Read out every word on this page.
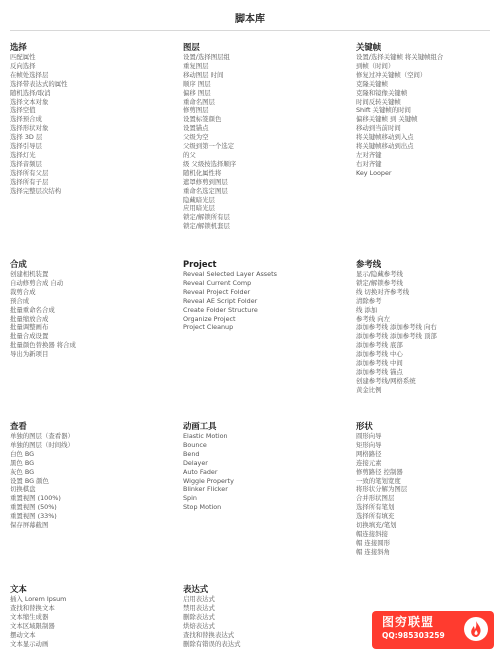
脚本库
选择
匹配属性
反向选择
在帧处选择层
选择带表达式的属性
随机选择/取消
选择文本对象
选择空值
选择预合成
选择形状对象
选择 3D 层
选择引导层
选择灯光
选择音频层
选择所有父层
选择所有子层
选择完整层次结构
图层
设置/选择图层组
重复图层
移动图层 时间
顺序 图层
偏移 图层
重命名图层
修剪图层
设置标签颜色
设置锚点
父级为空
父级到第一个选定
的父
级 父级按选择顺序
随机化属性将
遮罩修剪到图层
重命名选定图层
隐藏暗光层
应用暗光层
锁定/解锁所有层
锁定/解锁机套层
关键帧
设置/选择关键帧 将关键帧组合
到帧（时间）
修复过冲关键帧（空间）
克隆关键帧
克隆和镜像关键帧
时间反转关键帧
Shift 关键帧的时间
偏移关键帧 到 关键帧
移动到当前时间
将关键帧移动到入点
将关键帧移动到出点
左对齐键
右对齐键
Key Looper
合成
创建相机装置
自动修剪合成 自动
裁剪合成
预合成
批量重命名合成
批量缩放合成
批量调整画布
批量合成设置
批量颜色替换器 将合成
导出为新项目
Project
Reveal Selected Layer Assets
Reveal Current Comp
Reveal Project Folder
Reveal AE Script Folder
Create Folder Structure
Organize Project
Project Cleanup
参考线
显示/隐藏参考线
锁定/解锁参考线
线 切换对齐参考线
清除参考
线 添加
参考线 向左
添加参考线 添加参考线 向右
添加参考线 添加参考线 顶部
添加参考线 底部
添加参考线 中心
添加参考线 中间
添加参考线 锚点
创建参考线/网格系统
黄金比例
查看
单独的图层（查看器）
单独的图层（时间线）
白色 BG
黑色 BG
灰色 BG
设置 BG 颜色
切换棋盘
重置视图 (100%)
重置视图 (50%)
重置视图 (33%)
保存屏幕截图
动画工具
Elastic Motion
Bounce
Bend
Delayer
Auto Fader
Wiggle Property
Blinker Flicker
Spin
Stop Motion
形状
圆形向导
矩形向导
网格路径
连接元素
修剪路径 控制器
一致的笔划宽度
将形状分解为图层
合并形状图层
选择所有笔划
选择所有填充
切换填充/笔划
帽连接斜接
帽 连接圆形
帽 连接斜角
文本
插入 Lorem Ipsum
查找和替换文本
文本缩生成器
文本区域限制器
摆动文本
文本显示动画
表达式
启用表达式
禁用表达式
删除表达式
烘焙表达式
查找和替换表达式
删除有错误的表达式
图穷联盟
QQ:985303259
